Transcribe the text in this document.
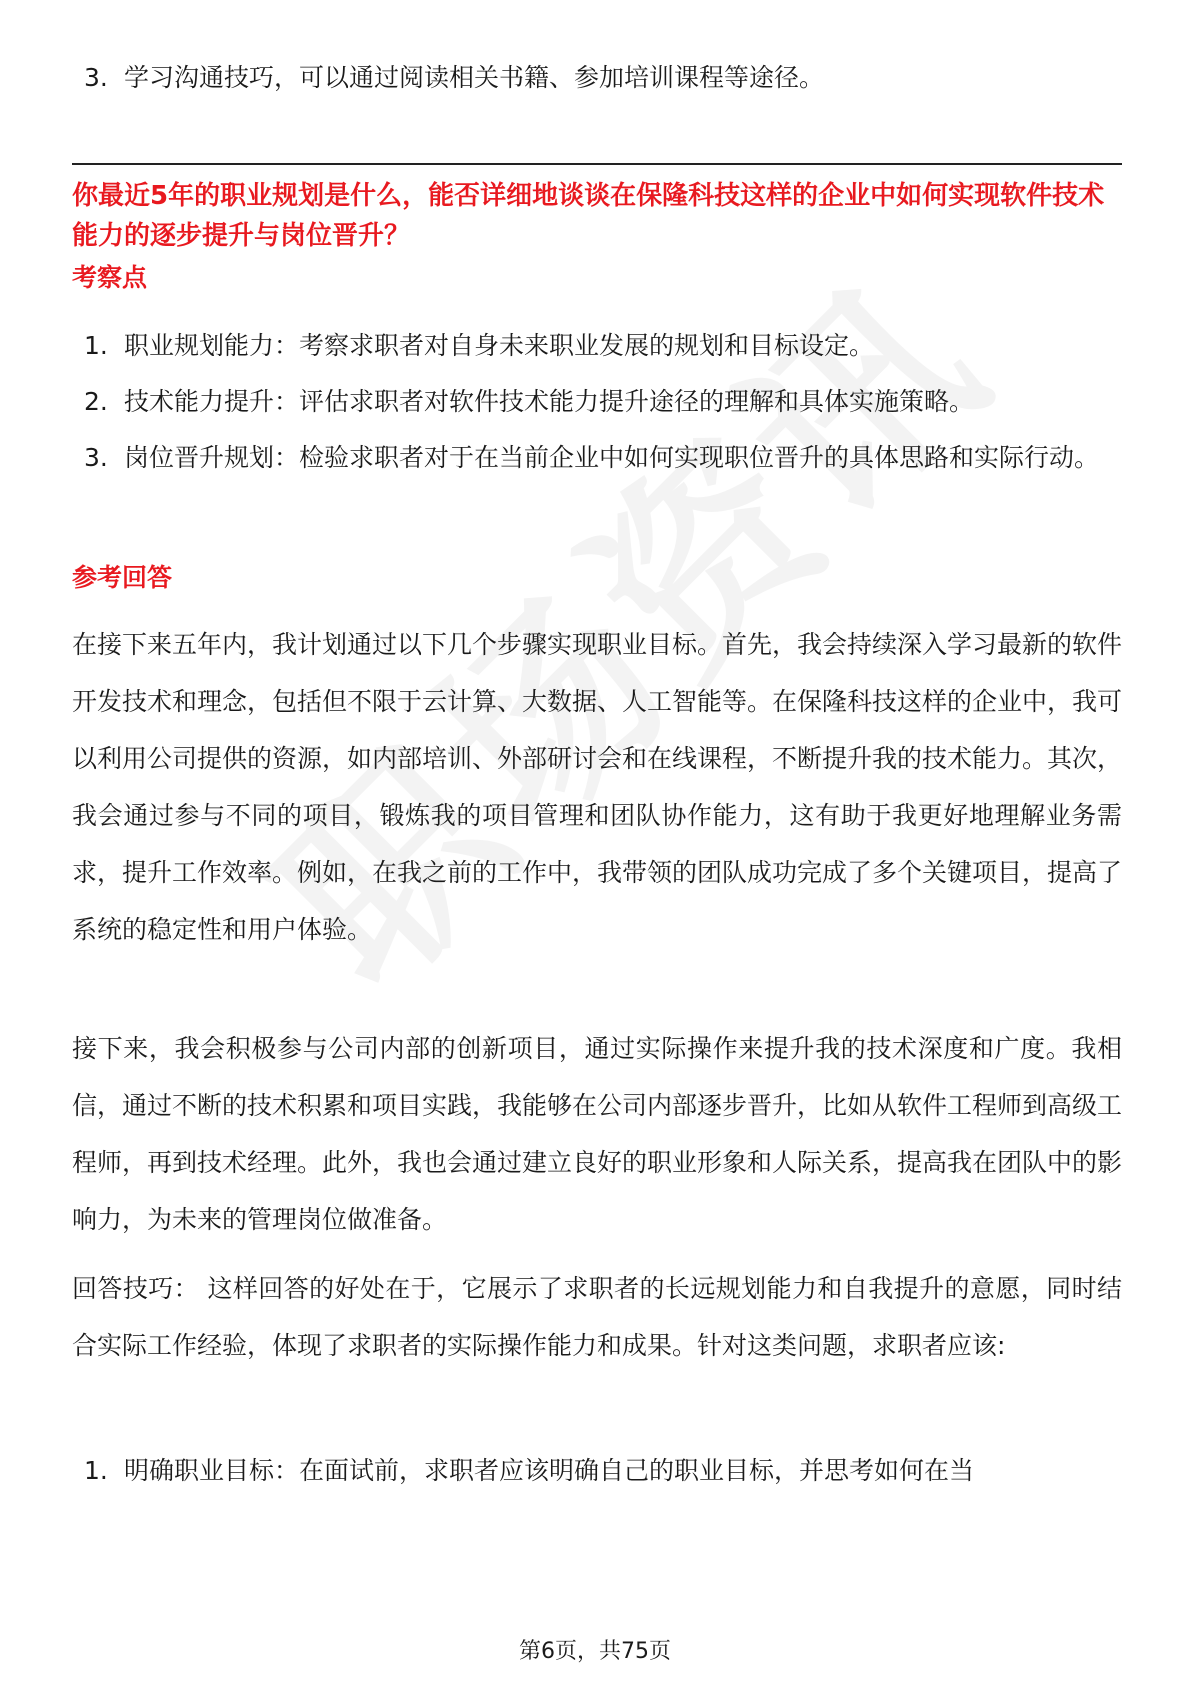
3. 学习沟通技巧，可以通过阅读相关书籍、参加培训课程等途径。
你最近5年的职业规划是什么，能否详细地谈谈在保隆科技这样的企业中如何实现软件技术能力的逐步提升与岗位晋升？
考察点
1. 职业规划能力：考察求职者对自身未来职业发展的规划和目标设定。
2. 技术能力提升：评估求职者对软件技术能力提升途径的理解和具体实施策略。
3. 岗位晋升规划：检验求职者对于在当前企业中如何实现职位晋升的具体思路和实际行动。
参考回答
在接下来五年内，我计划通过以下几个步骤实现职业目标。首先，我会持续深入学习最新的软件开发技术和理念，包括但不限于云计算、大数据、人工智能等。在保隆科技这样的企业中，我可以利用公司提供的资源，如内部培训、外部研讨会和在线课程，不断提升我的技术能力。其次，我会通过参与不同的项目，锻炼我的项目管理和团队协作能力，这有助于我更好地理解业务需求，提升工作效率。例如，在我之前的工作中，我带领的团队成功完成了多个关键项目，提高了系统的稳定性和用户体验。
接下来，我会积极参与公司内部的创新项目，通过实际操作来提升我的技术深度和广度。我相信，通过不断的技术积累和项目实践，我能够在公司内部逐步晋升，比如从软件工程师到高级工程师，再到技术经理。此外，我也会通过建立良好的职业形象和人际关系，提高我在团队中的影响力，为未来的管理岗位做准备。
回答技巧： 这样回答的好处在于，它展示了求职者的长远规划能力和自我提升的意愿，同时结合实际工作经验，体现了求职者的实际操作能力和成果。针对这类问题，求职者应该:
1. 明确职业目标：在面试前，求职者应该明确自己的职业目标，并思考如何在当
第6页，共75页
